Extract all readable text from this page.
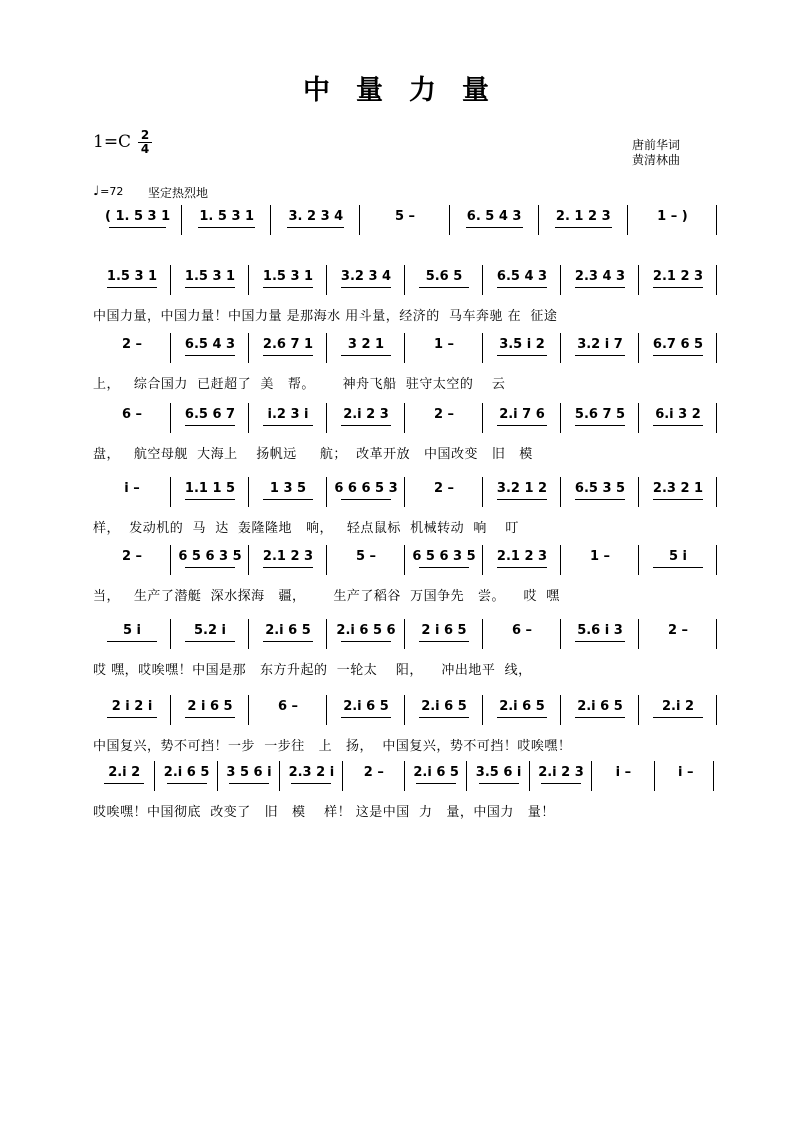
中量力量
1=C 2
4	唐前华词
黄清林曲
♩=72 坚定热烈地
( 1. 5 3 1	1. 5 3 1	3. 2 3 4	5 –	6. 5 4 3	2. 1 2 3	1 – )
1.5 3 1	1.5 3 1	1.5 3 1	3.2 3 4	5.6 5	6.5 4 3	2.3 4 3	2.1 2 3
中国力量，中国力量！中国力量 是那海水 用斗量，经济的  马车奔驰 在  征途
2 –	6.5 4 3	2.6 7 1	3 2 1	1 –	3.5 i 2	3.2 i 7	6.7 6 5
上，   综合国力  已赶超了  美   帮。      神舟飞船  驻守太空的    云
6 –	6.5 6 7	i.2 3 i	2.i 2 3	2 –	2.i 7 6	5.6 7 5	6.i 3 2
盘，   航空母舰  大海上    扬帆远     航；  改革开放   中国改变   旧   模
i –	1.1 1 5	1 3 5	6 6 6 5 3	2 –	3.2 1 2	6.5 3 5	2.3 2 1
样，  发动机的  马  达  轰隆隆地   响，   轻点鼠标  机械转动  响    叮
2 –	6 5 6 3 5	2.1 2 3	5 –	6 5 6 3 5	2.1 2 3	1 –	5 i
当，   生产了潜艇  深水探海   疆，      生产了稻谷  万国争先   尝。    哎  嘿
5 i	5.2 i	2.i 6 5	2.i 6 5 6	2 i 6 5	6 –	5.6 i 3	2 –
哎 嘿，哎唉嘿！中国是那   东方升起的  一轮太    阳，    冲出地平  线，
2 i 2 i	2 i 6 5	6 –	2.i 6 5	2.i 6 5	2.i 6 5	2.i 6 5	2.i 2
中国复兴，势不可挡！一步  一步往   上   扬，  中国复兴，势不可挡！哎唉嘿！
2.i 2	2.i 6 5	3 5 6 i	2.3 2 i	2 –	2.i 6 5	3.5 6 i	2.i 2 3	i –	i –
哎唉嘿！中国彻底  改变了   旧   模    样！ 这是中国  力   量，中国力   量！
